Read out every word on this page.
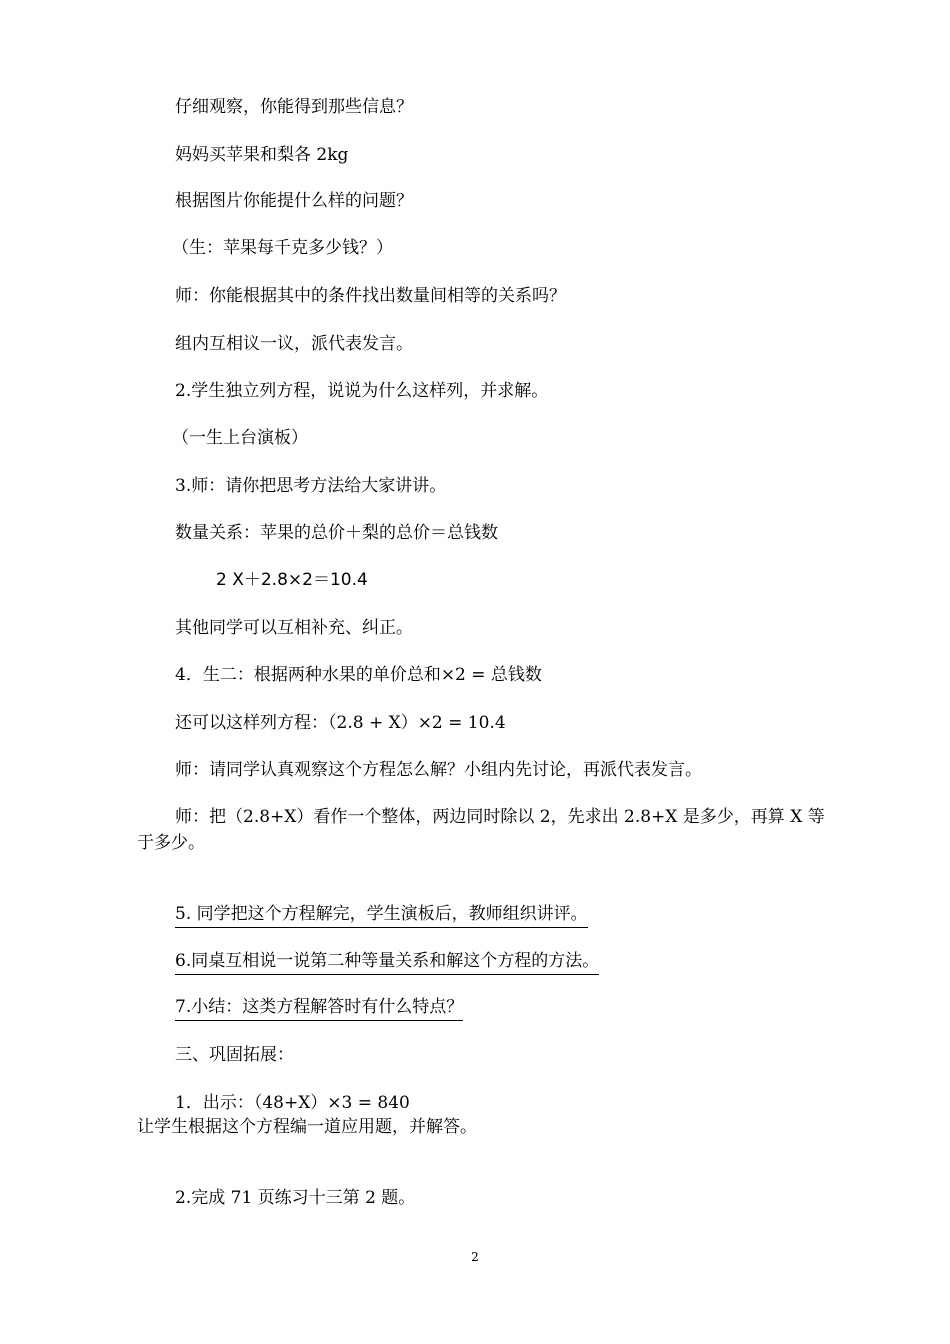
仔细观察，你能得到那些信息？
妈妈买苹果和梨各 2kg
根据图片你能提什么样的问题？
（生：苹果每千克多少钱？）
师：你能根据其中的条件找出数量间相等的关系吗？
组内互相议一议，派代表发言。
2.学生独立列方程，说说为什么这样列，并求解。
（一生上台演板）
3.师：请你把思考方法给大家讲讲。
数量关系：苹果的总价＋梨的总价＝总钱数
2 X＋2.8×2＝10.4
其他同学可以互相补充、纠正。
4．生二：根据两种水果的单价总和×2 = 总钱数
还可以这样列方程：（2.8 + X）×2 = 10.4
师：请同学认真观察这个方程怎么解？小组内先讨论，再派代表发言。
师：把（2.8+X）看作一个整体，两边同时除以 2，先求出 2.8+X 是多少，再算 X 等
于多少。
5. 同学把这个方程解完，学生演板后，教师组织讲评。
6.同桌互相说一说第二种等量关系和解这个方程的方法。
7.小结：这类方程解答时有什么特点？
三、巩固拓展：
1．出示：（48+X）×3 = 840
让学生根据这个方程编一道应用题，并解答。
2.完成 71 页练习十三第 2 题。
2
